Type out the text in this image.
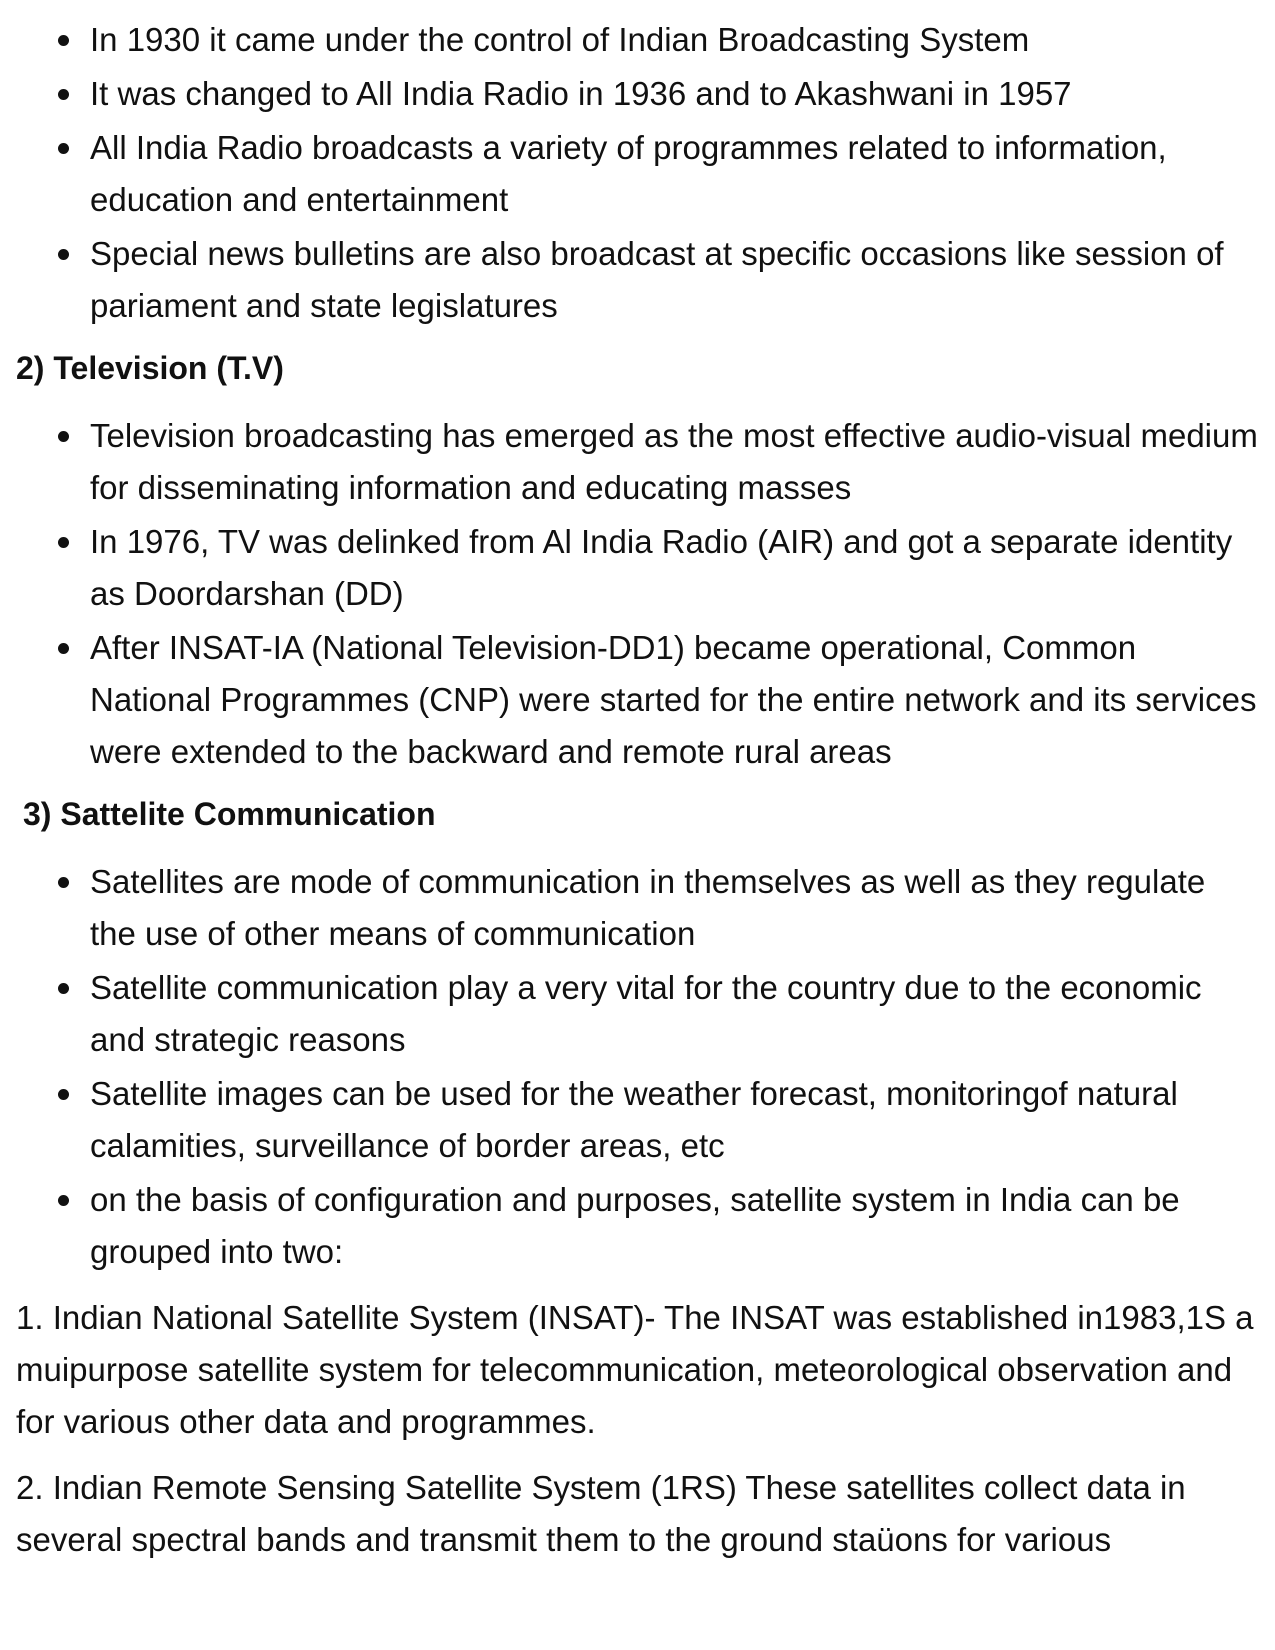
In 1930 it came under the control of Indian Broadcasting System
It was changed to All India Radio in 1936 and to Akashwani in 1957
All India Radio broadcasts a variety of programmes related to information, education and entertainment
Special news bulletins are also broadcast at specific occasions like session of pariament and state legislatures
2) Television (T.V)
Television broadcasting has emerged as the most effective audio-visual medium for disseminating information and educating masses
In 1976, TV was delinked from Al India Radio (AIR) and got a separate identity as Doordarshan (DD)
After INSAT-IA (National Television-DD1) became operational, Common National Programmes (CNP) were started for the entire network and its services were extended to the backward and remote rural areas
3) Sattelite Communication
Satellites are mode of communication in themselves as well as they regulate the use of other means of communication
Satellite communication play a very vital for the country due to the economic and strategic reasons
Satellite images can be used for the weather forecast, monitoringof natural calamities, surveillance of border areas, etc
on the basis of configuration and purposes, satellite system in India can be grouped into two:

1. Indian National Satellite System (INSAT)- The INSAT was established in1983,1S a muipurpose satellite system for telecommunication, meteorological observation and for various other data and programmes.

2. Indian Remote Sensing Satellite System (1RS) These satellites collect data in several spectral bands and transmit them to the ground staüons for various
